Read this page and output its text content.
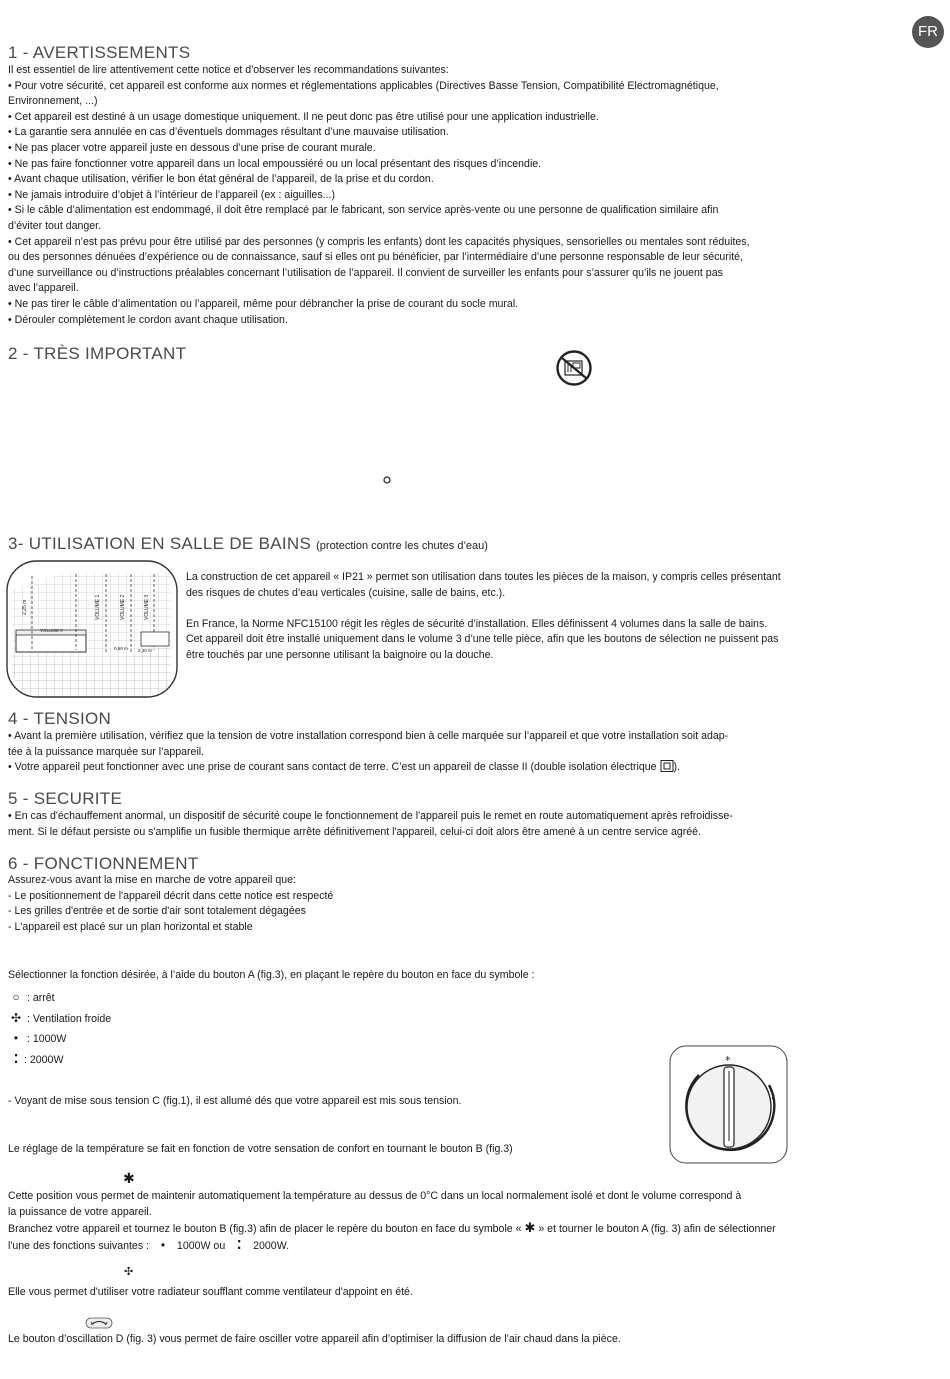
FR
1 - AVERTISSEMENTS
Il est essentiel de lire attentivement cette notice et d'observer les recommandations suivantes:
• Pour votre sécurité, cet appareil est conforme aux normes et réglementations applicables (Directives Basse Tension, Compatibilité Electromagnétique,
Environnement, ...)
• Cet appareil est destiné à un usage domestique uniquement. Il ne peut donc pas être utilisé pour une application industrielle.
• La garantie sera annulée en cas d’éventuels dommages résultant d’une mauvaise utilisation.
• Ne pas placer votre appareil juste en dessous d’une prise de courant murale.
• Ne pas faire fonctionner votre appareil dans un local empoussiéré ou un local présentant des risques d’incendie.
• Avant chaque utilisation, vérifier le bon état général de l’appareil, de la prise et du cordon.
• Ne jamais introduire d’objet à l’intérieur de l’appareil (ex : aiguilles...)
• Si le câble d’alimentation est endommagé, il doit être remplacé par le fabricant, son service après-vente ou une personne de qualification similaire afin
d’éviter tout danger.
• Cet appareil n’est pas prévu pour être utilisé par des personnes (y compris les enfants) dont les capacités physiques, sensorielles ou mentales sont réduites,
ou des personnes dénuées d’expérience ou de connaissance, sauf si elles ont pu bénéficier, par l’intermédiaire d’une personne responsable de leur sécurité,
d’une surveillance ou d’instructions préalables concernant l’utilisation de l’appareil. Il convient de surveiller les enfants pour s’assurer qu’ils ne jouent pas
avec l’appareil.
• Ne pas tirer le câble d’alimentation ou l’appareil, même pour débrancher la prise de courant du socle mural.
• Dérouler complètement le cordon avant chaque utilisation.
2 - TRÈS IMPORTANT
3- UTILISATION EN SALLE DE BAINS (protection contre les chutes d’eau)
VOLUME 1	VOLUME 2	VOLUME 3
VOLUME 0
2,25 m
0,60 m 2,40 m
La construction de cet appareil « IP21 » permet son utilisation dans toutes les pièces de la maison, y compris celles présentant
des risques de chutes d’eau verticales (cuisine, salle de bains, etc.).
En France, la Norme NFC15100 régit les règles de sécurité d’installation. Elles définissent 4 volumes dans la salle de bains.
Cet appareil doit être installé uniquement dans le volume 3 d’une telle pièce, afin que les boutons de sélection ne puissent pas
être touchés par une personne utilisant la baignoire ou la douche.
4 - TENSION
• Avant la première utilisation, vérifiez que la tension de votre installation correspond bien à celle marquée sur l’appareil et que votre installation soit adap-
tée à la puissance marquée sur l’appareil.
• Votre appareil peut fonctionner avec une prise de courant sans contact de terre. C’est un appareil de classe II (double isolation électrique ).
5 - SECURITE
• En cas d'échauffement anormal, un dispositif de sécurité coupe le fonctionnement de l'appareil puis le remet en route automatiquement après refroidisse-
ment. Si le défaut persiste ou s'amplifie un fusible thermique arrête définitivement l'appareil, celui-ci doit alors être amené à un centre service agréé.
6 - FONCTIONNEMENT
Assurez-vous avant la mise en marche de votre appareil que:
- Le positionnement de l'appareil décrit dans cette notice est respecté
- Les grilles d'entrée et de sortie d'air sont totalement dégagées
- L'appareil est placé sur un plan horizontal et stable
Sélectionner la fonction désirée, à l’aide du bouton A (fig.3), en plaçant le repère du bouton en face du symbole :
○ : arrêt
✣ : Ventilation froide
• : 1000W
⁚ : 2000W	*
°
- Voyant de mise sous tension C (fig.1), il est allumé dés que votre appareil est mis sous tension.
Le réglage de la température se fait en fonction de votre sensation de confort en tournant le bouton B (fig.3)
✱
Cette position vous permet de maintenir automatiquement la température au dessus de 0°C dans un local normalement isolé et dont le volume correspond à
la puissance de votre appareil.
Branchez votre appareil et tournez le bouton B (fig.3) afin de placer le repère du bouton en face du symbole « ✱ » et tourner le bouton A (fig. 3) afin de sélectionner
l'une des fonctions suivantes : • 1000W ou ⁚ 2000W.
✣
Elle vous permet d'utiliser votre radiateur soufflant comme ventilateur d'appoint en été.
Le bouton d’oscillation D (fig. 3) vous permet de faire osciller votre appareil afin d’optimiser la diffusion de l’air chaud dans la pièce.
